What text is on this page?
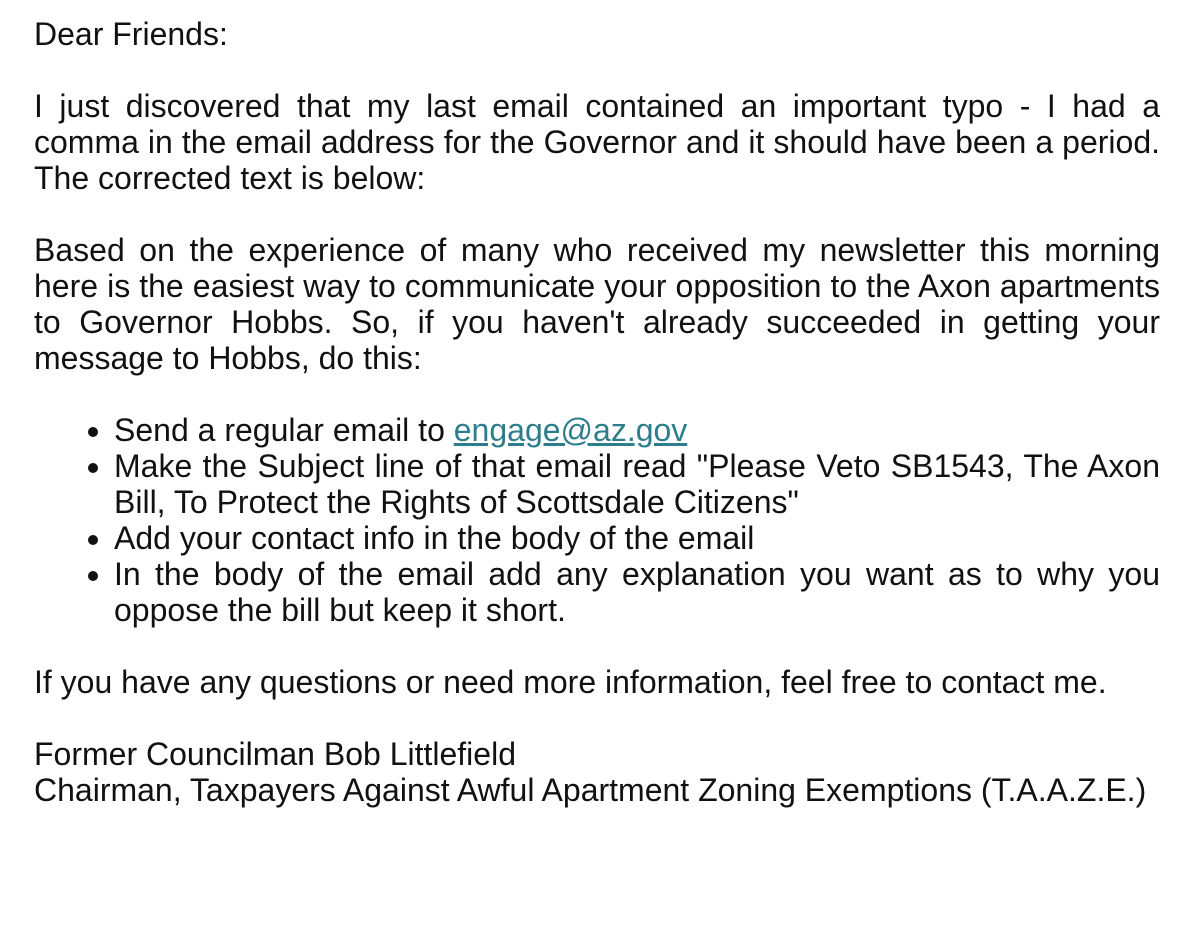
Dear Friends:

I just discovered that my last email contained an important typo - I had a comma in the email address for the Governor and it should have been a period. The corrected text is below:

Based on the experience of many who received my newsletter this morning here is the easiest way to communicate your opposition to the Axon apartments to Governor Hobbs. So, if you haven't already succeeded in getting your message to Hobbs, do this:

• Send a regular email to engage@az.gov
• Make the Subject line of that email read "Please Veto SB1543, The Axon Bill, To Protect the Rights of Scottsdale Citizens"
• Add your contact info in the body of the email
• In the body of the email add any explanation you want as to why you oppose the bill but keep it short.

If you have any questions or need more information, feel free to contact me.

Former Councilman Bob Littlefield

Chairman, Taxpayers Against Awful Apartment Zoning Exemptions (T.A.A.Z.E.)
